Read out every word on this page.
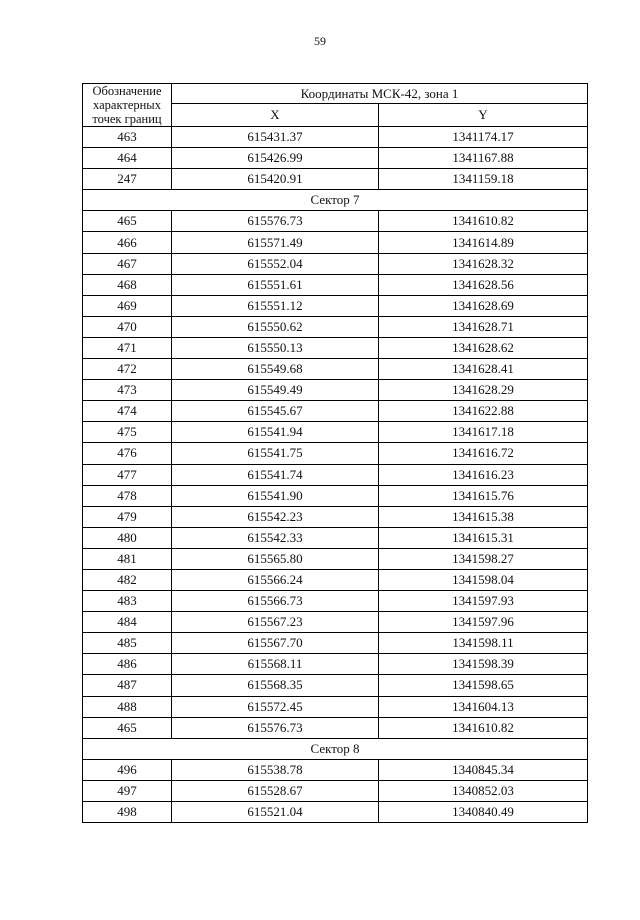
59
Обозначение
характерных
точек границ	Координаты МСК-42, зона 1	
	X	Y
463	615431.37	1341174.17
464	615426.99	1341167.88
247	615420.91	1341159.18
Сектор 7		
465	615576.73	1341610.82
466	615571.49	1341614.89
467	615552.04	1341628.32
468	615551.61	1341628.56
469	615551.12	1341628.69
470	615550.62	1341628.71
471	615550.13	1341628.62
472	615549.68	1341628.41
473	615549.49	1341628.29
474	615545.67	1341622.88
475	615541.94	1341617.18
476	615541.75	1341616.72
477	615541.74	1341616.23
478	615541.90	1341615.76
479	615542.23	1341615.38
480	615542.33	1341615.31
481	615565.80	1341598.27
482	615566.24	1341598.04
483	615566.73	1341597.93
484	615567.23	1341597.96
485	615567.70	1341598.11
486	615568.11	1341598.39
487	615568.35	1341598.65
488	615572.45	1341604.13
465	615576.73	1341610.82
Сектор 8		
496	615538.78	1340845.34
497	615528.67	1340852.03
498	615521.04	1340840.49
